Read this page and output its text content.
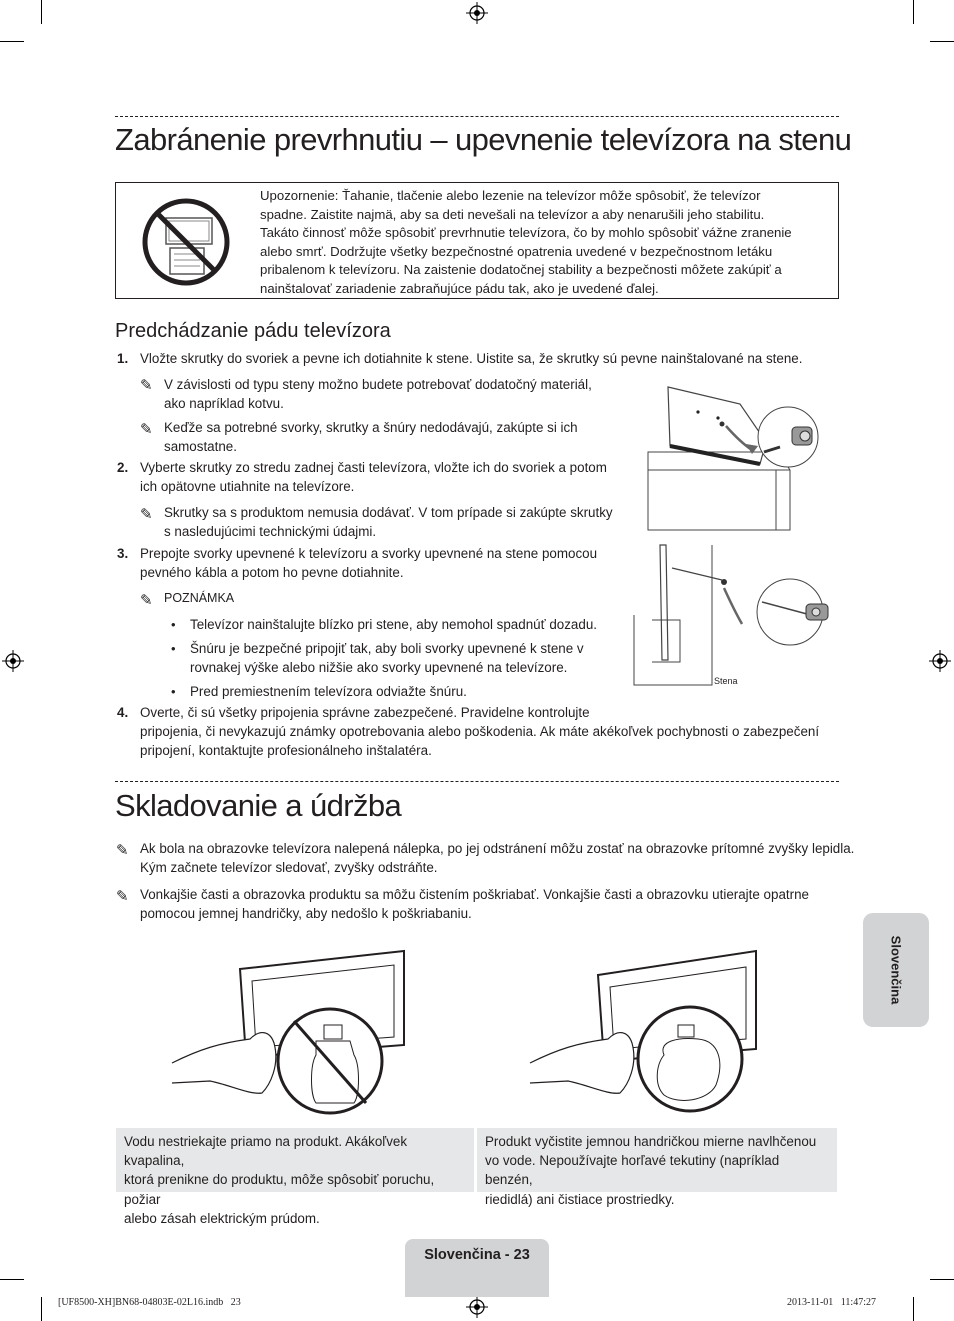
Zabránenie prevrhnutiu – upevnenie televízora na stenu
Upozornenie: Ťahanie, tlačenie alebo lezenie na televízor môže spôsobiť, že televízor
spadne. Zaistite najmä, aby sa deti nevešali na televízor a aby nenarušili jeho stabilitu.
Takáto činnosť môže spôsobiť prevrhnutie televízora, čo by mohlo spôsobiť vážne zranenie
alebo smrť. Dodržujte všetky bezpečnostné opatrenia uvedené v bezpečnostnom letáku
pribalenom k televízoru. Na zaistenie dodatočnej stability a bezpečnosti môžete zakúpiť a
nainštalovať zariadenie zabraňujúce pádu tak, ako je uvedené ďalej.
Predchádzanie pádu televízora
1. Vložte skrutky do svoriek a pevne ich dotiahnite k stene. Uistite sa, že skrutky sú pevne nainštalované na stene.
✎ V závislosti od typu steny možno budete potrebovať dodatočný materiál,
ako napríklad kotvu.
✎ Keďže sa potrebné svorky, skrutky a šnúry nedodávajú, zakúpte si ich
samostatne.
2. Vyberte skrutky zo stredu zadnej časti televízora, vložte ich do svoriek a potom
ich opätovne utiahnite na televízore.
✎ Skrutky sa s produktom nemusia dodávať. V tom prípade si zakúpte skrutky
s nasledujúcimi technickými údajmi.
3. Prepojte svorky upevnené k televízoru a svorky upevnené na stene pomocou
pevného kábla a potom ho pevne dotiahnite.
✎ POZNÁMKA
• Televízor nainštalujte blízko pri stene, aby nemohol spadnúť dozadu.
• Šnúru je bezpečné pripojiť tak, aby boli svorky upevnené k stene v
rovnakej výške alebo nižšie ako svorky upevnené na televízore.
• Pred premiestnením televízora odviažte šnúru.
4. Overte, či sú všetky pripojenia správne zabezpečené. Pravidelne kontrolujte
pripojenia, či nevykazujú známky opotrebovania alebo poškodenia. Ak máte akékoľvek pochybnosti o zabezpečení
pripojení, kontaktujte profesionálneho inštalatéra.
Stena
Skladovanie a údržba
✎ Ak bola na obrazovke televízora nalepená nálepka, po jej odstránení môžu zostať na obrazovke prítomné zvyšky lepidla.
Kým začnete televízor sledovať, zvyšky odstráňte.
✎ Vonkajšie časti a obrazovka produktu sa môžu čistením poškriabať. Vonkajšie časti a obrazovku utierajte opatrne
pomocou jemnej handričky, aby nedošlo k poškriabaniu.
Vodu nestriekajte priamo na produkt. Akákoľvek kvapalina,
ktorá prenikne do produktu, môže spôsobiť poruchu, požiar
alebo zásah elektrickým prúdom.
Produkt vyčistite jemnou handričkou mierne navlhčenou
vo vode. Nepoužívajte horľavé tekutiny (napríklad benzén,
riedidlá) ani čistiace prostriedky.
Slovenčina
Slovenčina - 23
[UF8500-XH]BN68-04803E-02L16.indb   23	2013-11-01   11:47:27
